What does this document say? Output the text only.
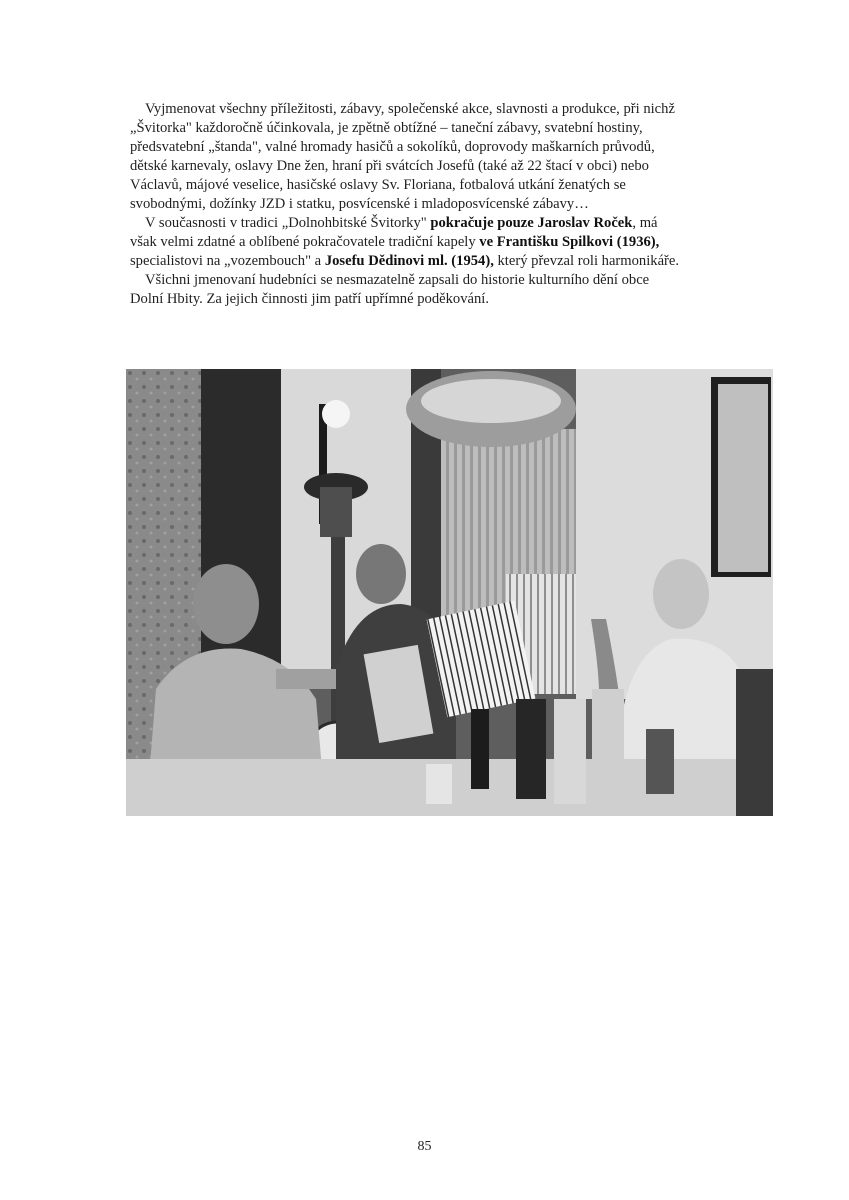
Vyjmenovat všechny příležitosti, zábavy, společenské akce, slavnosti a produkce, při nichž
„Švitorka" každoročně účinkovala, je zpětně obtížné – taneční zábavy, svatební hostiny,
předsvatební „štanda", valné hromady hasičů a sokolíků, doprovody maškarních průvodů,
dětské karnevaly, oslavy Dne žen, hraní při svátcích Josefů (také až 22 štací v obci) nebo
Václavů, májové veselice, hasičské oslavy Sv. Floriana, fotbalová utkání ženatých se
svobodnými, dožínky JZD i statku, posvícenské i mladoposvícenské zábavy…
V současnosti v tradici „Dolnohbitské Švitorky" pokračuje pouze Jaroslav Roček, má
však velmi zdatné a oblíbené pokračovatele tradiční kapely ve Františku Spilkovi (1936),
specialistovi na „vozembouch" a Josefu Dědinovi ml. (1954), který převzal roli harmonikáře.
Všichni jmenovaní hudebníci se nesmazatelně zapsali do historie kulturního dění obce
Dolní Hbity. Za jejich činnosti jim patří upřímné poděkování.
85
